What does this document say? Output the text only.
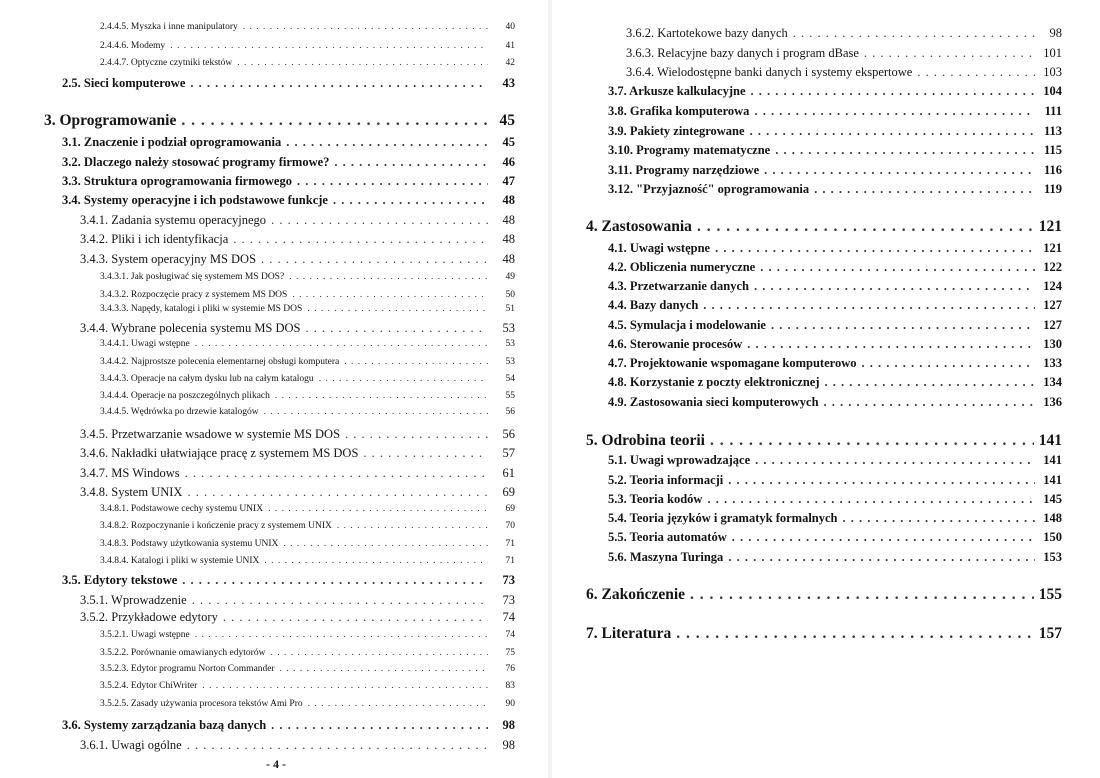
2.4.4.5. Myszka i inne manipulatory . . .	40
2.4.4.6. Modemy . . .	41
2.4.4.7. Optyczne czytniki tekstów . . .	42
2.5. Sieci komputerowe . . .	43
3. Oprogramowanie . . .	45
3.1. Znaczenie i podział oprogramowania . . .	45
3.2. Dlaczego należy stosować programy firmowe? . . .	46
3.3. Struktura oprogramowania firmowego . . .	47
3.4. Systemy operacyjne i ich podstawowe funkcje . . .	48
3.4.1. Zadania systemu operacyjnego . . .	48
3.4.2. Pliki i ich identyfikacja . . .	48
3.4.3. System operacyjny MS DOS . . .	48
3.4.3.1. Jak posługiwać się systemem MS DOS? . . .	49
3.4.3.2. Rozpoczęcie pracy z systemem MS DOS . . .	50
3.4.3.3. Napędy, katalogi i pliki w systemie MS DOS . . .	51
3.4.4. Wybrane polecenia systemu MS DOS . . .	53
3.4.4.1. Uwagi wstępne . . .	53
3.4.4.2. Najprostsze polecenia elementarnej obsługi komputera . . .	53
3.4.4.3. Operacje na całym dysku lub na całym katalogu . . .	54
3.4.4.4. Operacje na poszczególnych plikach . . .	55
3.4.4.5. Wędrówka po drzewie katalogów . . .	56
3.4.5. Przetwarzanie wsadowe w systemie MS DOS . . .	56
3.4.6. Nakładki ułatwiające pracę z systemem MS DOS . . .	57
3.4.7. MS Windows . . .	61
3.4.8. System UNIX . . .	69
3.4.8.1. Podstawowe cechy systemu UNIX . . .	69
3.4.8.2. Rozpoczynanie i kończenie pracy z systemem UNIX . . .	70
3.4.8.3. Podstawy użytkowania systemu UNIX . . .	71
3.4.8.4. Katalogi i pliki w systemie UNIX . . .	71
3.5. Edytory tekstowe . . .	73
3.5.1. Wprowadzenie . . .	73
3.5.2. Przykładowe edytory . . .	74
3.5.2.1. Uwagi wstępne . . .	74
3.5.2.2. Porównanie omawianych edytorów . . .	75
3.5.2.3. Edytor programu Norton Commander . . .	76
3.5.2.4. Edytor ChiWriter . . .	83
3.5.2.5. Zasady używania procesora tekstów Ami Pro . . .	90
3.6. Systemy zarządzania bazą danych . . .	98
3.6.1. Uwagi ogólne . . .	98
- 4 -
3.6.2. Kartotekowe bazy danych . . .	98
3.6.3. Relacyjne bazy danych i program dBase . . .	101
3.6.4. Wielodostępne banki danych i systemy ekspertowe . . .	103
3.7. Arkusze kalkulacyjne . . .	104
3.8. Grafika komputerowa . . .	111
3.9. Pakiety zintegrowane . . .	113
3.10. Programy matematyczne . . .	115
3.11. Programy narzędziowe . . .	116
3.12. "Przyjazność" oprogramowania . . .	119
4. Zastosowania . . .	121
4.1. Uwagi wstępne . . .	121
4.2. Obliczenia numeryczne . . .	122
4.3. Przetwarzanie danych . . .	124
4.4. Bazy danych . . .	127
4.5. Symulacja i modelowanie . . .	127
4.6. Sterowanie procesów . . .	130
4.7. Projektowanie wspomagane komputerowo . . .	133
4.8. Korzystanie z poczty elektronicznej . . .	134
4.9. Zastosowania sieci komputerowych . . .	136
5. Odrobina teorii . . .	141
5.1. Uwagi wprowadzające . . .	141
5.2. Teoria informacji . . .	141
5.3. Teoria kodów . . .	145
5.4. Teoria języków i gramatyk formalnych . . .	148
5.5. Teoria automatów . . .	150
5.6. Maszyna Turinga . . .	153
6. Zakończenie . . .	155
7. Literatura . . .	157
